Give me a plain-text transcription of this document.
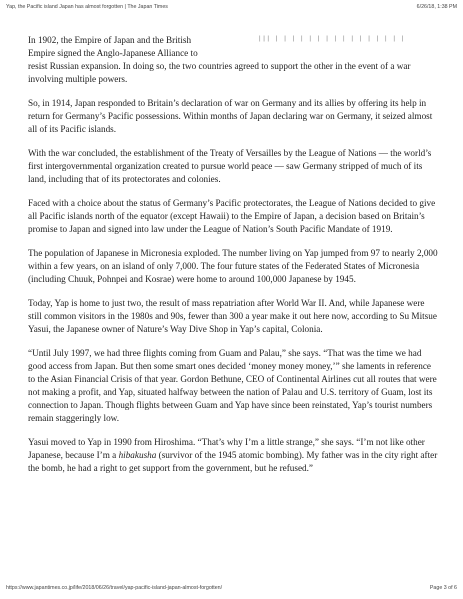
Yap, the Pacific island Japan has almost forgotten | The Japan Times	6/26/18, 1:38 PM
||| | | | | | | | | | | | | | | | |

In 1902, the Empire of Japan and the British
Empire signed the Anglo-Japanese Alliance to
resist Russian expansion. In doing so, the two countries agreed to support the other in the event of a war involving multiple powers.

So, in 1914, Japan responded to Britain’s declaration of war on Germany and its allies by offering its help in return for Germany’s Pacific possessions. Within months of Japan declaring war on Germany, it seized almost all of its Pacific islands.

With the war concluded, the establishment of the Treaty of Versailles by the League of Nations — the world’s first intergovernmental organization created to pursue world peace — saw Germany stripped of much of its land, including that of its protectorates and colonies.

Faced with a choice about the status of Germany’s Pacific protectorates, the League of Nations decided to give all Pacific islands north of the equator (except Hawaii) to the Empire of Japan, a decision based on Britain’s promise to Japan and signed into law under the League of Nation’s South Pacific Mandate of 1919.

The population of Japanese in Micronesia exploded. The number living on Yap jumped from 97 to nearly 2,000 within a few years, on an island of only 7,000. The four future states of the Federated States of Micronesia (including Chuuk, Pohnpei and Kosrae) were home to around 100,000 Japanese by 1945.

Today, Yap is home to just two, the result of mass repatriation after World War II. And, while Japanese were still common visitors in the 1980s and 90s, fewer than 300 a year make it out here now, according to Su Mitsue Yasui, the Japanese owner of Nature’s Way Dive Shop in Yap’s capital, Colonia.

“Until July 1997, we had three flights coming from Guam and Palau,” she says. “That was the time we had good access from Japan. But then some smart ones decided ‘money money money,’” she laments in reference to the Asian Financial Crisis of that year. Gordon Bethune, CEO of Continental Airlines cut all routes that were not making a profit, and Yap, situated halfway between the nation of Palau and U.S. territory of Guam, lost its connection to Japan. Though flights between Guam and Yap have since been reinstated, Yap’s tourist numbers remain staggeringly low.

Yasui moved to Yap in 1990 from Hiroshima. “That’s why I’m a little strange,” she says. “I’m not like other Japanese, because I’m a hibakusha (survivor of the 1945 atomic bombing). My father was in the city right after the bomb, he had a right to get support from the government, but he refused.”

https://www.japantimes.co.jp/life/2018/06/26/travel/yap-pacific-island-japan-almost-forgotten/	Page 3 of 6
